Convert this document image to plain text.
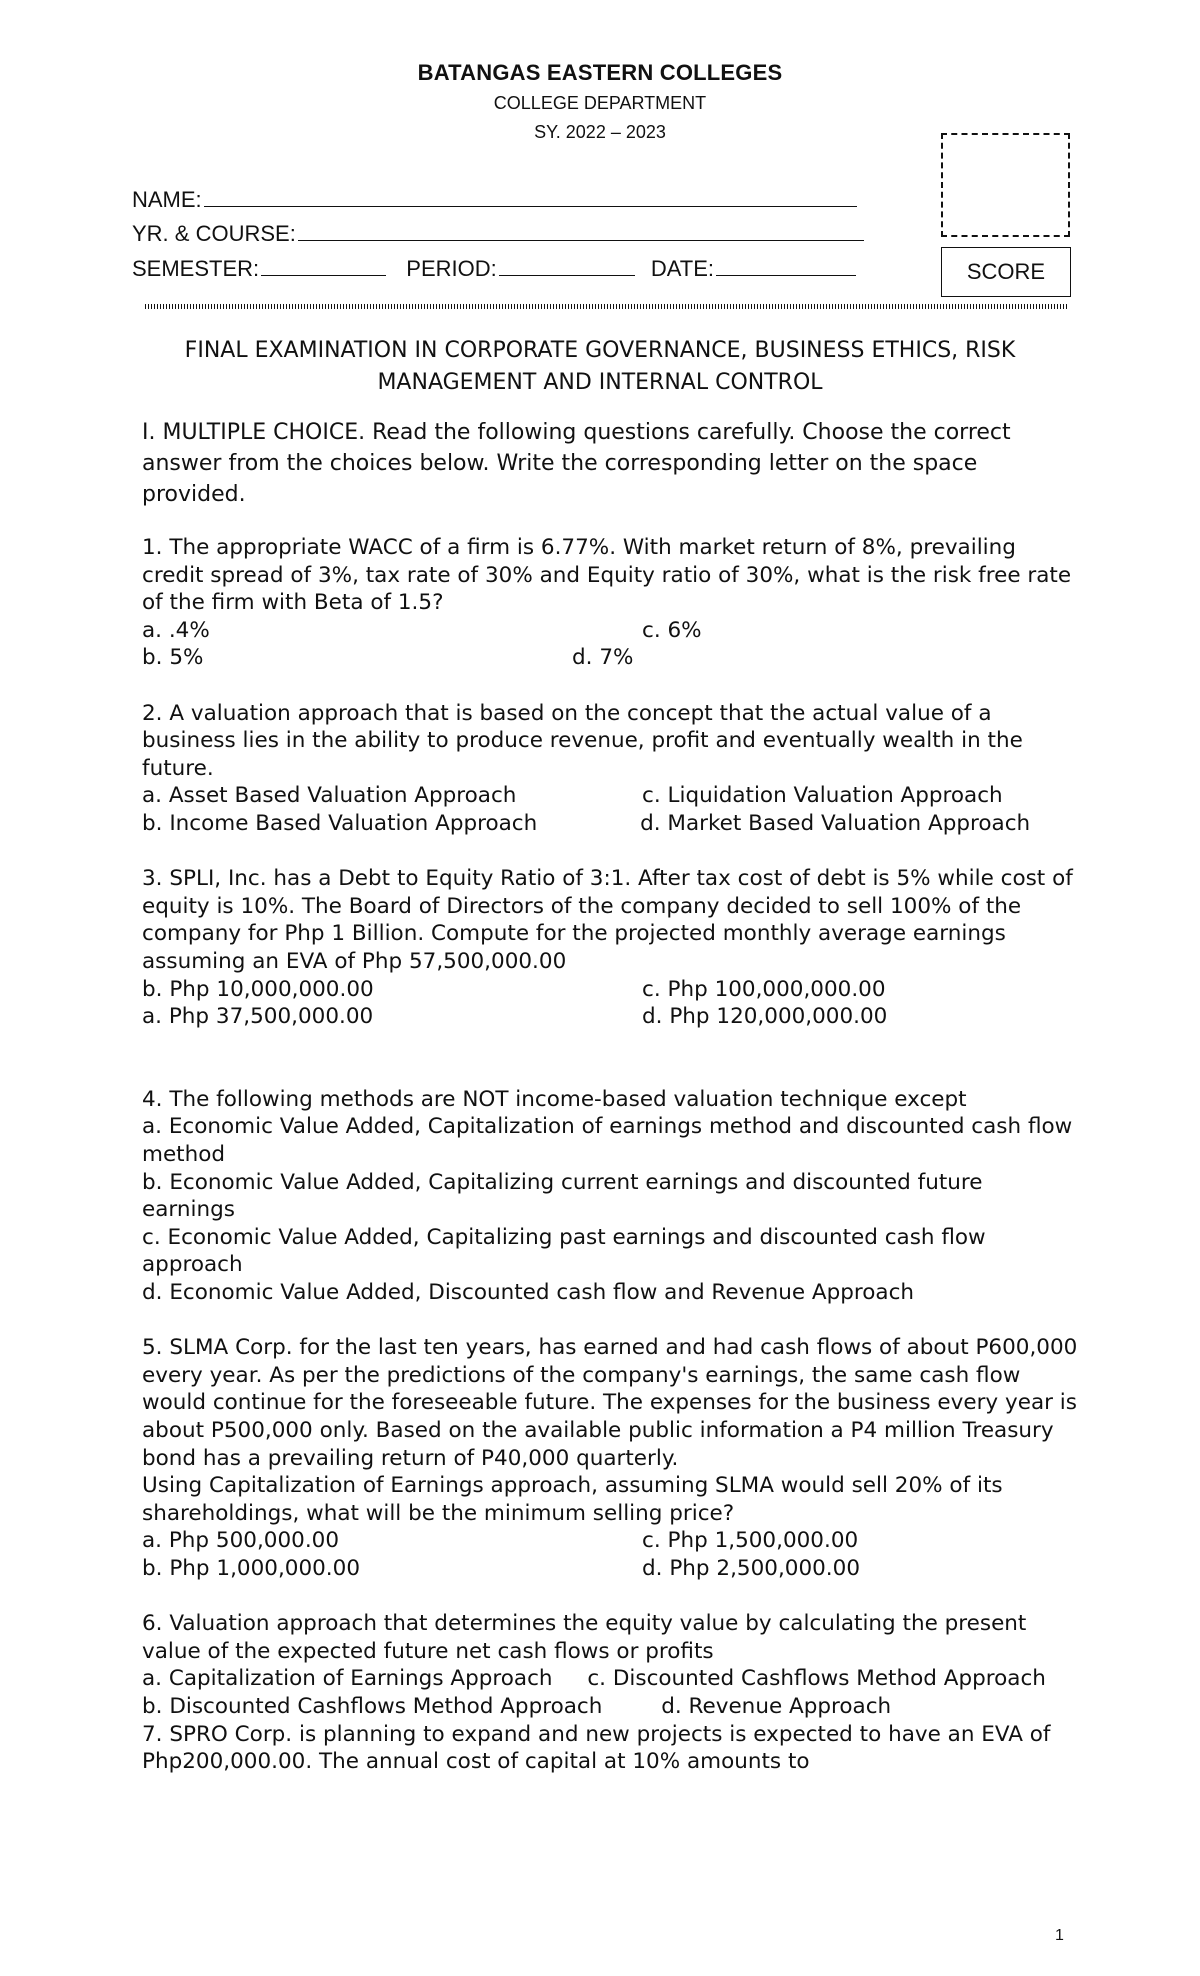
BATANGAS EASTERN COLLEGES
COLLEGE DEPARTMENT
SY. 2022 – 2023
SCORE
NAME:
YR. & COURSE:
SEMESTER:	PERIOD:	DATE:
FINAL EXAMINATION IN CORPORATE GOVERNANCE, BUSINESS ETHICS, RISK MANAGEMENT AND INTERNAL CONTROL
I. MULTIPLE CHOICE. Read the following questions carefully. Choose the correct answer from the choices below. Write the corresponding letter on the space provided.

1. The appropriate WACC of a firm is 6.77%. With market return of 8%, prevailing credit spread of 3%, tax rate of 30% and Equity ratio of 30%, what is the risk free rate of the firm with Beta of 1.5?

a. .4%	c. 6%
b. 5%	d. 7%

2. A valuation approach that is based on the concept that the actual value of a business lies in the ability to produce revenue, profit and eventually wealth in the future.

a. Asset Based Valuation Approach	c. Liquidation Valuation Approach

b. Income Based Valuation Approach	d. Market Based Valuation Approach

3. SPLI, Inc. has a Debt to Equity Ratio of 3:1. After tax cost of debt is 5% while cost of equity is 10%. The Board of Directors of the company decided to sell 100% of the company for Php 1 Billion. Compute for the projected monthly average earnings assuming an EVA of Php 57,500,000.00

b. Php 10,000,000.00	c. Php 100,000,000.00
a. Php 37,500,000.00	d. Php 120,000,000.00

4. The following methods are NOT income-based valuation technique except

a. Economic Value Added, Capitalization of earnings method and discounted cash flow method

b. Economic Value Added, Capitalizing current earnings and discounted future earnings

c. Economic Value Added, Capitalizing past earnings and discounted cash flow approach

d. Economic Value Added, Discounted cash flow and Revenue Approach

5. SLMA Corp. for the last ten years, has earned and had cash flows of about P600,000 every year. As per the predictions of the company's earnings, the same cash flow would continue for the foreseeable future. The expenses for the business every year is about P500,000 only. Based on the available public information a P4 million Treasury bond has a prevailing return of P40,000 quarterly.

Using Capitalization of Earnings approach, assuming SLMA would sell 20% of its shareholdings, what will be the minimum selling price?

a. Php 500,000.00	c. Php 1,500,000.00
b. Php 1,000,000.00	d. Php 2,500,000.00

6. Valuation approach that determines the equity value by calculating the present value of the expected future net cash flows or profits

a. Capitalization of Earnings Approach c. Discounted Cashflows Method Approach

b. Discounted Cashflows Method Approach	d. Revenue Approach

7. SPRO Corp. is planning to expand and new projects is expected to have an EVA of Php200,000.00. The annual cost of capital at 10% amounts to

1
